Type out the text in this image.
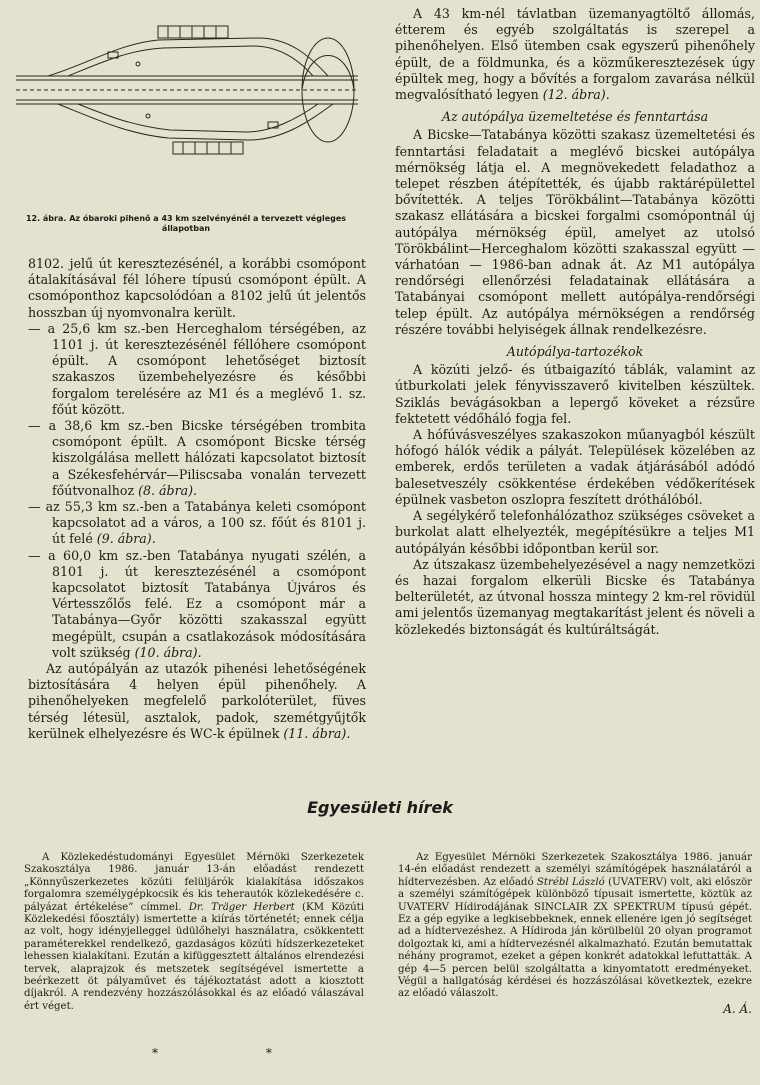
12. ábra. Az óbaroki pihenő a 43 km szelvényénél a tervezett végleges állapotban

8102. jelű út keresztezésénél, a korábbi csomópont átalakításával fél lóhere típusú csomópont épült. A csomóponthoz kapcsolódóan a 8102 jelű út jelentős hosszban új nyomvonalra került.

— a 25,6 km sz.-ben Herceghalom térségében, az 1101 j. út keresztezésénél féllóhere csomópont épült. A csomópont lehetőséget biztosít szakaszos üzembehelyezésre és későbbi forgalom terelésére az M1 és a meglévő 1. sz. főút között.

— a 38,6 km sz.-ben Bicske térségében trombita csomópont épült. A csomópont Bicske térség kiszolgálása mellett hálózati kapcsolatot biztosít a Székesfehérvár—Piliscsaba vonalán tervezett főútvonalhoz (8. ábra).

— az 55,3 km sz.-ben a Tatabánya keleti csomópont kapcsolatot ad a város, a 100 sz. főút és 8101 j. út felé (9. ábra).

— a 60,0 km sz.-ben Tatabánya nyugati szélén, a 8101 j. út keresztezésénél a csomópont kapcsolatot biztosít Tatabánya Újváros és Vértesszőlős felé. Ez a csomópont már a Tatabánya—Győr közötti szakasszal együtt megépült, csupán a csatlakozások módosítására volt szükség (10. ábra).

Az autópályán az utazók pihenési lehetőségének biztosítására 4 helyen épül pihenőhely. A pihenőhelyeken megfelelő parkolóterület, füves térség létesül, asztalok, padok, szemétgyűjtők kerülnek elhelyezésre és WC-k épülnek (11. ábra).

A 43 km-nél távlatban üzemanyagtöltő állomás, étterem és egyéb szolgáltatás is szerepel a pihenőhelyen. Első ütemben csak egyszerű pihenőhely épült, de a földmunka, és a közműkeresztezések úgy épültek meg, hogy a bővítés a forgalom zavarása nélkül megvalósítható legyen (12. ábra).

Az autópálya üzemeltetése és fenntartása

A Bicske—Tatabánya közötti szakasz üzemeltetési és fenntartási feladatait a meglévő bicskei autópálya mérnökség látja el. A megnövekedett feladathoz a telepet részben átépítették, és újabb raktárépülettel bővítették. A teljes Törökbálint—Tatabánya közötti szakasz ellátására a bicskei forgalmi csomópontnál új autópálya mérnökség épül, amelyet az utolsó Törökbálint—Herceghalom közötti szakasszal együtt — várhatóan — 1986-ban adnak át. Az M1 autópálya rendőrségi ellenőrzési feladatainak ellátására a Tatabányai csomópont mellett autópálya-rendőrségi telep épült. Az autópálya mérnökségen a rendőrség részére további helyiségek állnak rendelkezésre.

Autópálya-tartozékok

A közúti jelző- és útbaigazító táblák, valamint az útburkolati jelek fényvisszaverő kivitelben készültek. Sziklás bevágásokban a lepergő köveket a rézsűre fektetett védőháló fogja fel.

A hófúvásveszélyes szakaszokon műanyagból készült hófogó hálók védik a pályát. Települések közelében az emberek, erdős területen a vadak átjárásából adódó balesetveszély csökkentése érdekében védőkerítések épülnek vasbeton oszlopra feszített dróthálóból.

A segélykérő telefonhálózathoz szükséges csöveket a burkolat alatt elhelyezték, megépítésükre a teljes M1 autópályán későbbi időpontban kerül sor.

Az útszakasz üzembehelyezésével a nagy nemzetközi és hazai forgalom elkerüli Bicske és Tatabánya belterületét, az útvonal hossza mintegy 2 km-rel rövidül ami jelentős üzemanyag megtakarítást jelent és növeli a közlekedés biztonságát és kultúráltságát.

Egyesületi hírek

A Közlekedéstudományi Egyesület Mérnöki Szerkezetek Szakosztálya 1986. január 13-án előadást rendezett „Könnyűszerkezetes közúti felüljárók kialakítása időszakos forgalomra személygépkocsik és kis teherautók közlekedésére c. pályázat értékelése” címmel. Dr. Träger Herbert (KM Közúti Közlekedési főosztály) ismertette a kiírás történetét; ennek célja az volt, hogy idényjelleggel üdülőhelyi használatra, csökkentett paraméterekkel rendelkező, gazdaságos közúti hídszerkezeteket lehessen kialakítani. Ezután a kifüggesztett általános elrendezési tervek, alaprajzok és metszetek segítségével ismertette a beérkezett öt pályaművet és tájékoztatást adott a kiosztott díjakról. A rendezvény hozzászólásokkal és az előadó válaszával ért véget.

* *

Az Egyesület Mérnöki Szerkezetek Szakosztálya 1986. január 14-én előadást rendezett a személyi számítógépek használatáról a hídtervezésben. Az előadó Strébl László (UVATERV) volt, aki először a személyi számítógépek különböző típusait ismertette, köztük az UVATERV Hídirodájának SINCLAIR ZX SPEKTRUM típusú gépét. Ez a gép egyike a legkisebbeknek, ennek ellenére igen jó segítséget ad a hídtervezéshez. A Hídiroda ján körülbelül 20 olyan programot dolgoztak ki, ami a hídtervezésnél alkalmazható. Ezután bemutattak néhány programot, ezeket a gépen konkrét adatokkal lefuttatták. A gép 4—5 percen belül szolgáltatta a kinyomtatott eredményeket. Végül a hallgatóság kérdései és hozzászólásai következtek, ezekre az előadó válaszolt.

A. Á.
